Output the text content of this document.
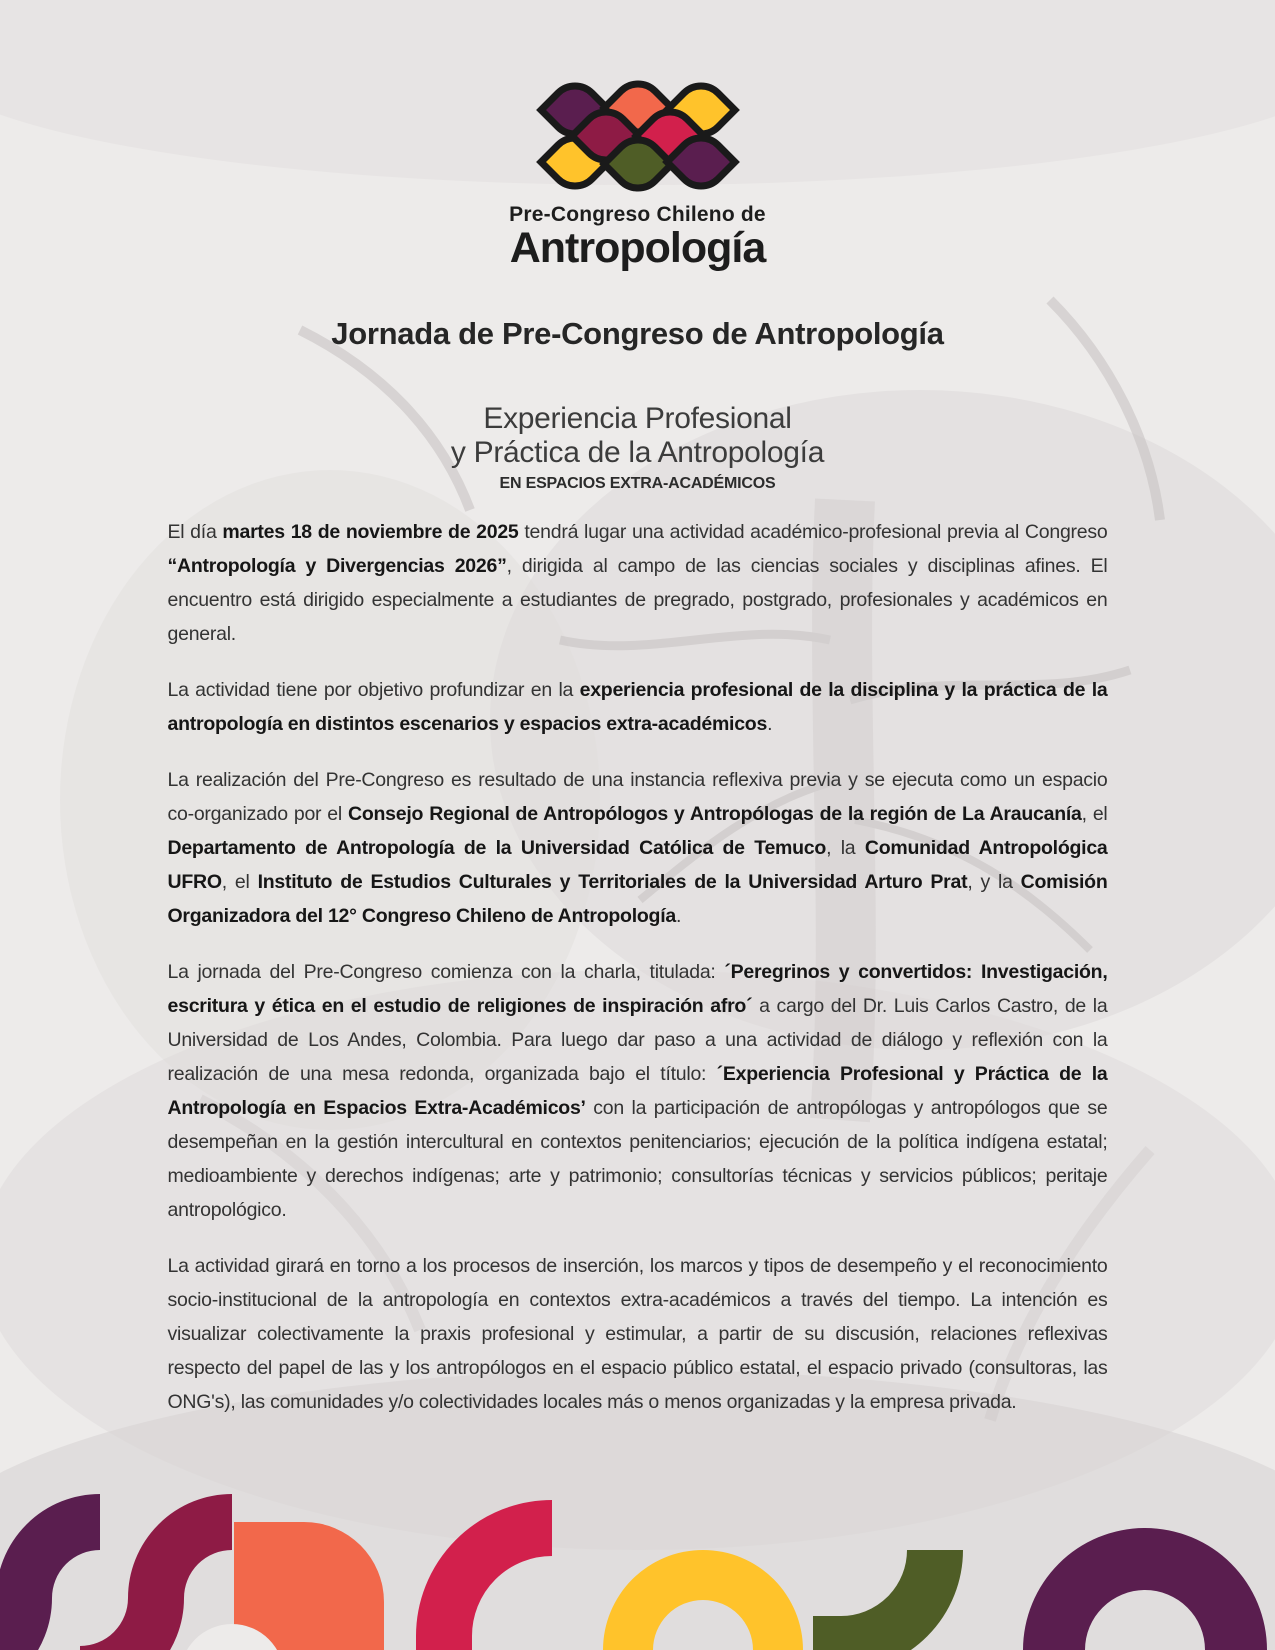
Pre-Congreso Chileno de
Antropología
Jornada de Pre-Congreso de Antropología
Experiencia Profesional
y Práctica de la Antropología
EN ESPACIOS EXTRA-ACADÉMICOS

El día martes 18 de noviembre de 2025 tendrá lugar una actividad académico-profesional previa al Congreso “Antropología y Divergencias 2026”, dirigida al campo de las ciencias sociales y disciplinas afines. El encuentro está dirigido especialmente a estudiantes de pregrado, postgrado, profesionales y académicos en general.

La actividad tiene por objetivo profundizar en la experiencia profesional de la disciplina y la práctica de la antropología en distintos escenarios y espacios extra-académicos.

La realización del Pre-Congreso es resultado de una instancia reflexiva previa y se ejecuta como un espacio co-organizado por el Consejo Regional de Antropólogos y Antropólogas de la región de La Araucanía, el Departamento de Antropología de la Universidad Católica de Temuco, la Comunidad Antropológica UFRO, el Instituto de Estudios Culturales y Territoriales de la Universidad Arturo Prat, y la Comisión Organizadora del 12° Congreso Chileno de Antropología.

La jornada del Pre-Congreso comienza con la charla, titulada: ´Peregrinos y convertidos: Investigación, escritura y ética en el estudio de religiones de inspiración afro´ a cargo del Dr. Luis Carlos Castro, de la Universidad de Los Andes, Colombia. Para luego dar paso a una actividad de diálogo y reflexión con la realización de una mesa redonda, organizada bajo el título: ´Experiencia Profesional y Práctica de la Antropología en Espacios Extra-Académicos’ con la participación de antropólogas y antropólogos que se desempeñan en la gestión intercultural en contextos penitenciarios; ejecución de la política indígena estatal; medioambiente y derechos indígenas; arte y patrimonio; consultorías técnicas y servicios públicos; peritaje antropológico.

La actividad girará en torno a los procesos de inserción, los marcos y tipos de desempeño y el reconocimiento socio-institucional de la antropología en contextos extra-académicos a través del tiempo. La intención es visualizar colectivamente la praxis profesional y estimular, a partir de su discusión, relaciones reflexivas respecto del papel de las y los antropólogos en el espacio público estatal, el espacio privado (consultoras, las ONG's), las comunidades y/o colectividades locales más o menos organizadas y la empresa privada.
